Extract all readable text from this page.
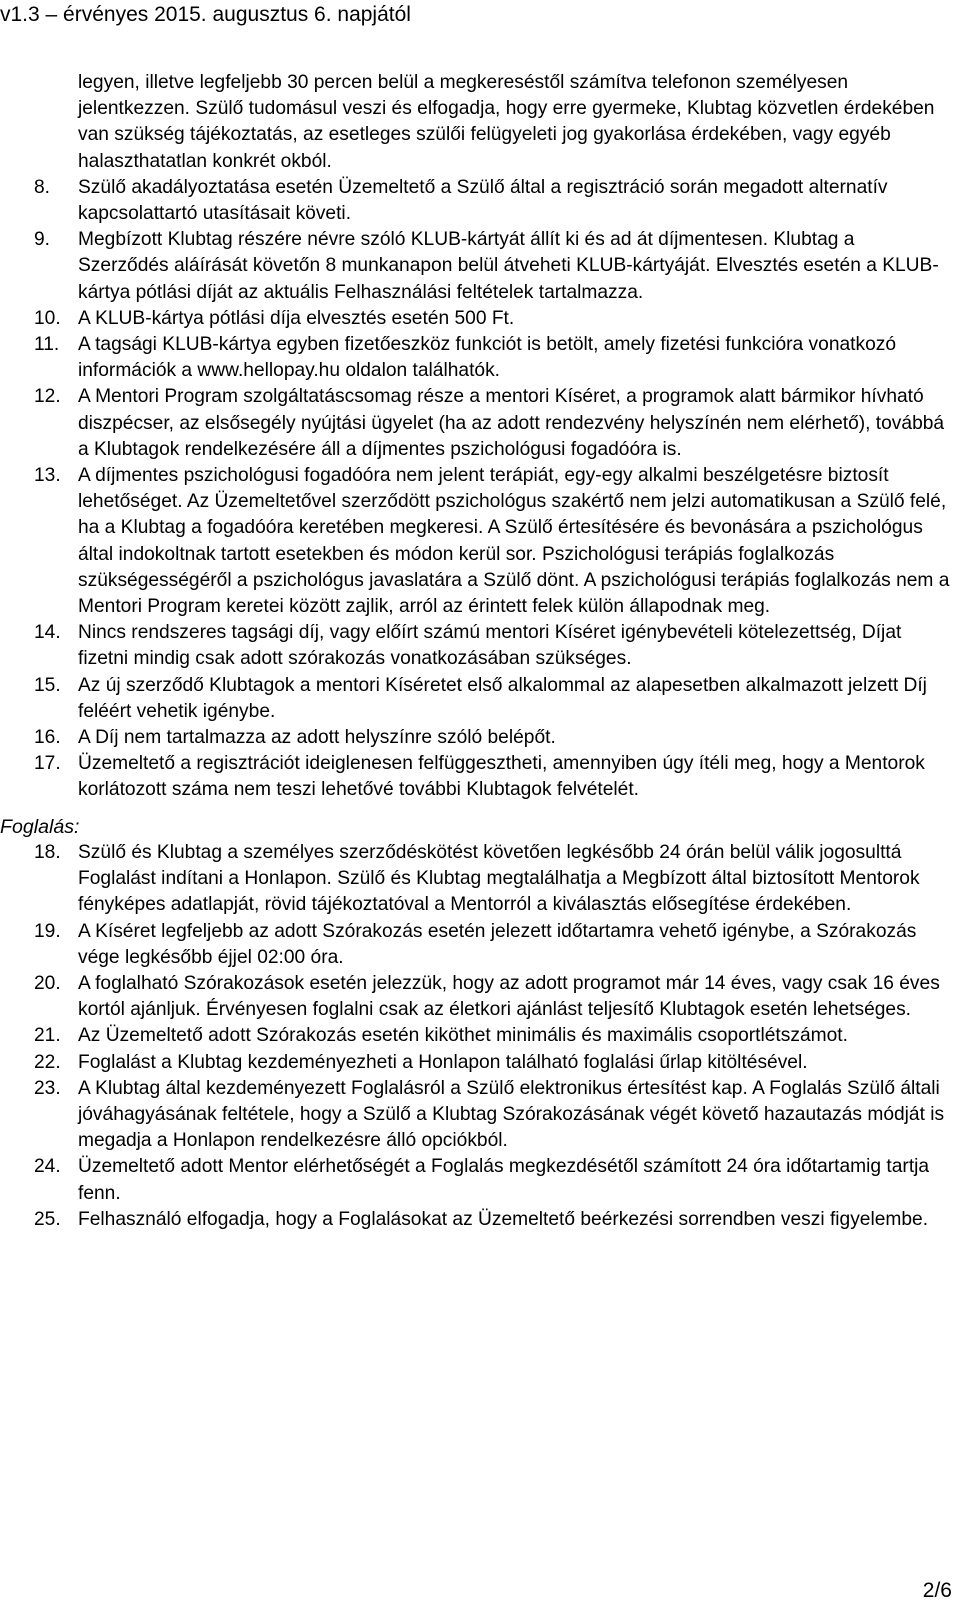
v1.3 – érvényes 2015. augusztus 6. napjától
legyen, illetve legfeljebb 30 percen belül a megkereséstől számítva telefonon személyesen jelentkezzen. Szülő tudomásul veszi és elfogadja, hogy erre gyermeke, Klubtag közvetlen érdekében van szükség tájékoztatás, az esetleges szülői felügyeleti jog gyakorlása érdekében, vagy egyéb halaszthatatlan konkrét okból.
8.	Szülő akadályoztatása esetén Üzemeltető a Szülő által a regisztráció során megadott alternatív kapcsolattartó utasításait követi.
9.	Megbízott Klubtag részére névre szóló KLUB-kártyát állít ki és ad át díjmentesen. Klubtag a Szerződés aláírását követőn 8 munkanapon belül átveheti KLUB-kártyáját. Elvesztés esetén a KLUB-kártya pótlási díját az aktuális Felhasználási feltételek tartalmazza.
10. A KLUB-kártya pótlási díja elvesztés esetén 500 Ft.
11. A tagsági KLUB-kártya egyben fizetőeszköz funkciót is betölt, amely fizetési funkcióra vonatkozó információk a www.hellopay.hu oldalon találhatók.
12. A Mentori Program szolgáltatáscsomag része a mentori Kíséret, a programok alatt bármikor hívható diszpécser, az elsősegély nyújtási ügyelet (ha az adott rendezvény helyszínén nem elérhető), továbbá a Klubtagok rendelkezésére áll a díjmentes pszichológusi fogadóóra is.
13. A díjmentes pszichológusi fogadóóra nem jelent terápiát, egy-egy alkalmi beszélgetésre biztosít lehetőséget. Az Üzemeltetővel szerződött pszichológus szakértő nem jelzi automatikusan a Szülő felé, ha a Klubtag a fogadóóra keretében megkeresi. A Szülő értesítésére és bevonására a pszichológus által indokoltnak tartott esetekben és módon kerül sor. Pszichológusi terápiás foglalkozás szükségességéről a pszichológus javaslatára a Szülő dönt. A pszichológusi terápiás foglalkozás nem a Mentori Program keretei között zajlik, arról az érintett felek külön állapodnak meg.
14. Nincs rendszeres tagsági díj, vagy előírt számú mentori Kíséret igénybevételi kötelezettség, Díjat fizetni mindig csak adott szórakozás vonatkozásában szükséges.
15. Az új szerződő Klubtagok a mentori Kíséretet első alkalommal az alapesetben alkalmazott jelzett Díj feléért vehetik igénybe.
16. A Díj nem tartalmazza az adott helyszínre szóló belépőt.
17. Üzemeltető a regisztrációt ideiglenesen felfüggesztheti, amennyiben úgy ítéli meg, hogy a Mentorok korlátozott száma nem teszi lehetővé további Klubtagok felvételét.
Foglalás:
18. Szülő és Klubtag a személyes szerződéskötést követően legkésőbb 24 órán belül válik jogosulttá Foglalást indítani a Honlapon. Szülő és Klubtag megtalálhatja a Megbízott által biztosított Mentorok fényképes adatlapját, rövid tájékoztatóval a Mentorról a kiválasztás elősegítése érdekében.
19. A Kíséret legfeljebb az adott Szórakozás esetén jelezett időtartamra vehető igénybe, a Szórakozás vége legkésőbb éjjel 02:00 óra.
20. A foglalható Szórakozások esetén jelezzük, hogy az adott programot már 14 éves, vagy csak 16 éves kortól ajánljuk. Érvényesen foglalni csak az életkori ajánlást teljesítő Klubtagok esetén lehetséges.
21. Az Üzemeltető adott Szórakozás esetén kiköthet minimális és maximális csoportlétszámot.
22. Foglalást a Klubtag kezdeményezheti a Honlapon található foglalási űrlap kitöltésével.
23. A Klubtag által kezdeményezett Foglalásról a Szülő elektronikus értesítést kap. A Foglalás Szülő általi jóváhagyásának feltétele, hogy a Szülő a Klubtag Szórakozásának végét követő hazautazás módját is megadja a Honlapon rendelkezésre álló opciókból.
24. Üzemeltető adott Mentor elérhetőségét a Foglalás megkezdésétől számított 24 óra időtartamig tartja fenn.
25. Felhasználó elfogadja, hogy a Foglalásokat az Üzemeltető beérkezési sorrendben veszi figyelembe.
2/6
